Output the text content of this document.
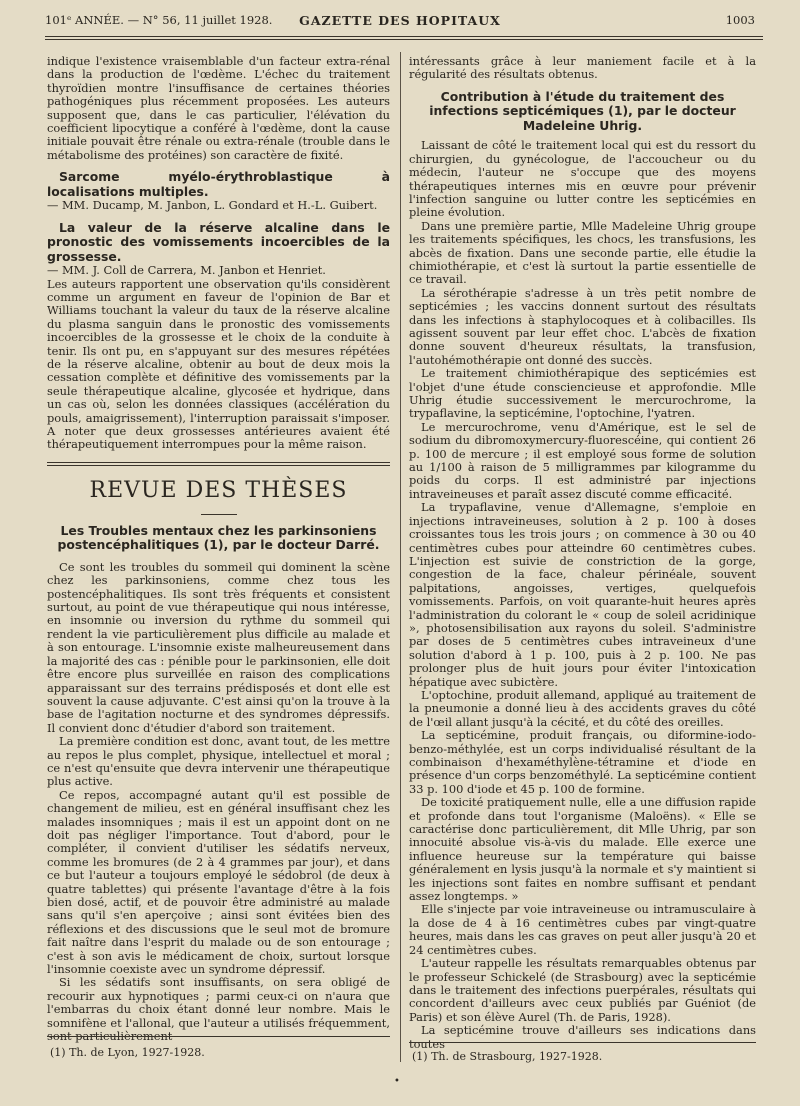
101ᵉ ANNÉE. — N° 56, 11 juillet 1928.	GAZETTE DES HOPITAUX	1003

indique l'existence vraisemblable d'un facteur extra-rénal dans la production de l'œdème. L'échec du traitement thyroïdien montre l'insuffisance de certaines théories pathogéniques plus récemment proposées. Les auteurs supposent que, dans le cas particulier, l'élévation du coefficient lipocytique a conféré à l'œdème, dont la cause initiale pouvait être rénale ou extra-rénale (trouble dans le métabolisme des protéines) son caractère de fixité.

Sarcome myélo-érythroblastique à localisations multiples.

— MM. Ducamp, M. Janbon, L. Gondard et H.-L. Guibert.

La valeur de la réserve alcaline dans le pronostic des vomissements incoercibles de la grossesse.

— MM. J. Coll de Carrera, M. Janbon et Henriet.

Les auteurs rapportent une observation qu'ils considèrent comme un argument en faveur de l'opinion de Bar et Williams touchant la valeur du taux de la réserve alcaline du plasma sanguin dans le pronostic des vomissements incoercibles de la grossesse et le choix de la conduite à tenir. Ils ont pu, en s'appuyant sur des mesures répétées de la réserve alcaline, obtenir au bout de deux mois la cessation complète et définitive des vomissements par la seule thérapeutique alcaline, glycosée et hydrique, dans un cas où, selon les données classiques (accélération du pouls, amaigrissement), l'interruption paraissait s'imposer. A noter que deux grossesses antérieures avaient été thérapeutiquement interrompues pour la même raison.

REVUE DES THÈSES
Les Troubles mentaux chez les parkinsoniens postencéphalitiques (1), par le docteur Darré.

Ce sont les troubles du sommeil qui dominent la scène chez les parkinsoniens, comme chez tous les postencéphalitiques. Ils sont très fréquents et consistent surtout, au point de vue thérapeutique qui nous intéresse, en insomnie ou inversion du rythme du sommeil qui rendent la vie particulièrement plus difficile au malade et à son entourage. L'insomnie existe malheureusement dans la majorité des cas : pénible pour le parkinsonien, elle doit être encore plus surveillée en raison des complications apparaissant sur des terrains prédisposés et dont elle est souvent la cause adjuvante. C'est ainsi qu'on la trouve à la base de l'agitation nocturne et des syndromes dépressifs. Il convient donc d'étudier d'abord son traitement.

La première condition est donc, avant tout, de les mettre au repos le plus complet, physique, intellectuel et moral ; ce n'est qu'ensuite que devra intervenir une thérapeutique plus active.

Ce repos, accompagné autant qu'il est possible de changement de milieu, est en général insuffisant chez les malades insomniques ; mais il est un appoint dont on ne doit pas négliger l'importance. Tout d'abord, pour le compléter, il convient d'utiliser les sédatifs nerveux, comme les bromures (de 2 à 4 grammes par jour), et dans ce but l'auteur a toujours employé le sédobrol (de deux à quatre tablettes) qui présente l'avantage d'être à la fois bien dosé, actif, et de pouvoir être administré au malade sans qu'il s'en aperçoive ; ainsi sont évitées bien des réflexions et des discussions que le seul mot de bromure fait naître dans l'esprit du malade ou de son entourage ; c'est à son avis le médicament de choix, surtout lorsque l'insomnie coexiste avec un syndrome dépressif.

Si les sédatifs sont insuffisants, on sera obligé de recourir aux hypnotiques ; parmi ceux-ci on n'aura que l'embarras du choix étant donné leur nombre. Mais le somnifène et l'allonal, que l'auteur a utilisés fréquemment, sont particulièrement

intéressants grâce à leur maniement facile et à la régularité des résultats obtenus.

Contribution à l'étude du traitement des infections septicémiques (1), par le docteur Madeleine Uhrig.

Laissant de côté le traitement local qui est du ressort du chirurgien, du gynécologue, de l'accoucheur ou du médecin, l'auteur ne s'occupe que des moyens thérapeutiques internes mis en œuvre pour prévenir l'infection sanguine ou lutter contre les septicémies en pleine évolution.

Dans une première partie, Mlle Madeleine Uhrig groupe les traitements spécifiques, les chocs, les transfusions, les abcès de fixation. Dans une seconde partie, elle étudie la chimiothérapie, et c'est là surtout la partie essentielle de ce travail.

La sérothérapie s'adresse à un très petit nombre de septicémies ; les vaccins donnent surtout des résultats dans les infections à staphylocoques et à colibacilles. Ils agissent souvent par leur effet choc. L'abcès de fixation donne souvent d'heureux résultats, la transfusion, l'autohémothérapie ont donné des succès.

Le traitement chimiothérapique des septicémies est l'objet d'une étude consciencieuse et approfondie. Mlle Uhrig étudie successivement le mercurochrome, la trypaflavine, la septicémine, l'optochine, l'yatren.

Le mercurochrome, venu d'Amérique, est le sel de sodium du dibromoxymercury-fluorescéine, qui contient 26 p. 100 de mercure ; il est employé sous forme de solution au 1/100 à raison de 5 milligrammes par kilogramme du poids du corps. Il est administré par injections intraveineuses et paraît assez discuté comme efficacité.

La trypaflavine, venue d'Allemagne, s'emploie en injections intraveineuses, solution à 2 p. 100 à doses croissantes tous les trois jours ; on commence à 30 ou 40 centimètres cubes pour atteindre 60 centimètres cubes. L'injection est suivie de constriction de la gorge, congestion de la face, chaleur périnéale, souvent palpitations, angoisses, vertiges, quelquefois vomissements. Parfois, on voit quarante-huit heures après l'administration du colorant le « coup de soleil acridinique », photosensibilisation aux rayons du soleil. S'administre par doses de 5 centimètres cubes intraveineux d'une solution d'abord à 1 p. 100, puis à 2 p. 100. Ne pas prolonger plus de huit jours pour éviter l'intoxication hépatique avec subictère.

L'optochine, produit allemand, appliqué au traitement de la pneumonie a donné lieu à des accidents graves du côté de l'œil allant jusqu'à la cécité, et du côté des oreilles.

La septicémine, produit français, ou diformine-iodo-benzo-méthylée, est un corps individualisé résultant de la combinaison d'hexaméthylène-tétramine et d'iode en présence d'un corps benzométhylé. La septicémine contient 33 p. 100 d'iode et 45 p. 100 de formine.

De toxicité pratiquement nulle, elle a une diffusion rapide et profonde dans tout l'organisme (Maloëns). « Elle se caractérise donc particulièrement, dit Mlle Uhrig, par son innocuité absolue vis-à-vis du malade. Elle exerce une influence heureuse sur la température qui baisse généralement en lysis jusqu'à la normale et s'y maintient si les injections sont faites en nombre suffisant et pendant assez longtemps. »

Elle s'injecte par voie intraveineuse ou intramusculaire à la dose de 4 à 16 centimètres cubes par vingt-quatre heures, mais dans les cas graves on peut aller jusqu'à 20 et 24 centimètres cubes.

L'auteur rappelle les résultats remarquables obtenus par le professeur Schickelé (de Strasbourg) avec la septicémie dans le traitement des infections puerpérales, résultats qui concordent d'ailleurs avec ceux publiés par Guéniot (de Paris) et son élève Aurel (Th. de Paris, 1928).

La septicémine trouve d'ailleurs ses indications dans toutes

(1) Th. de Lyon, 1927-1928.	(1) Th. de Strasbourg, 1927-1928.
•
